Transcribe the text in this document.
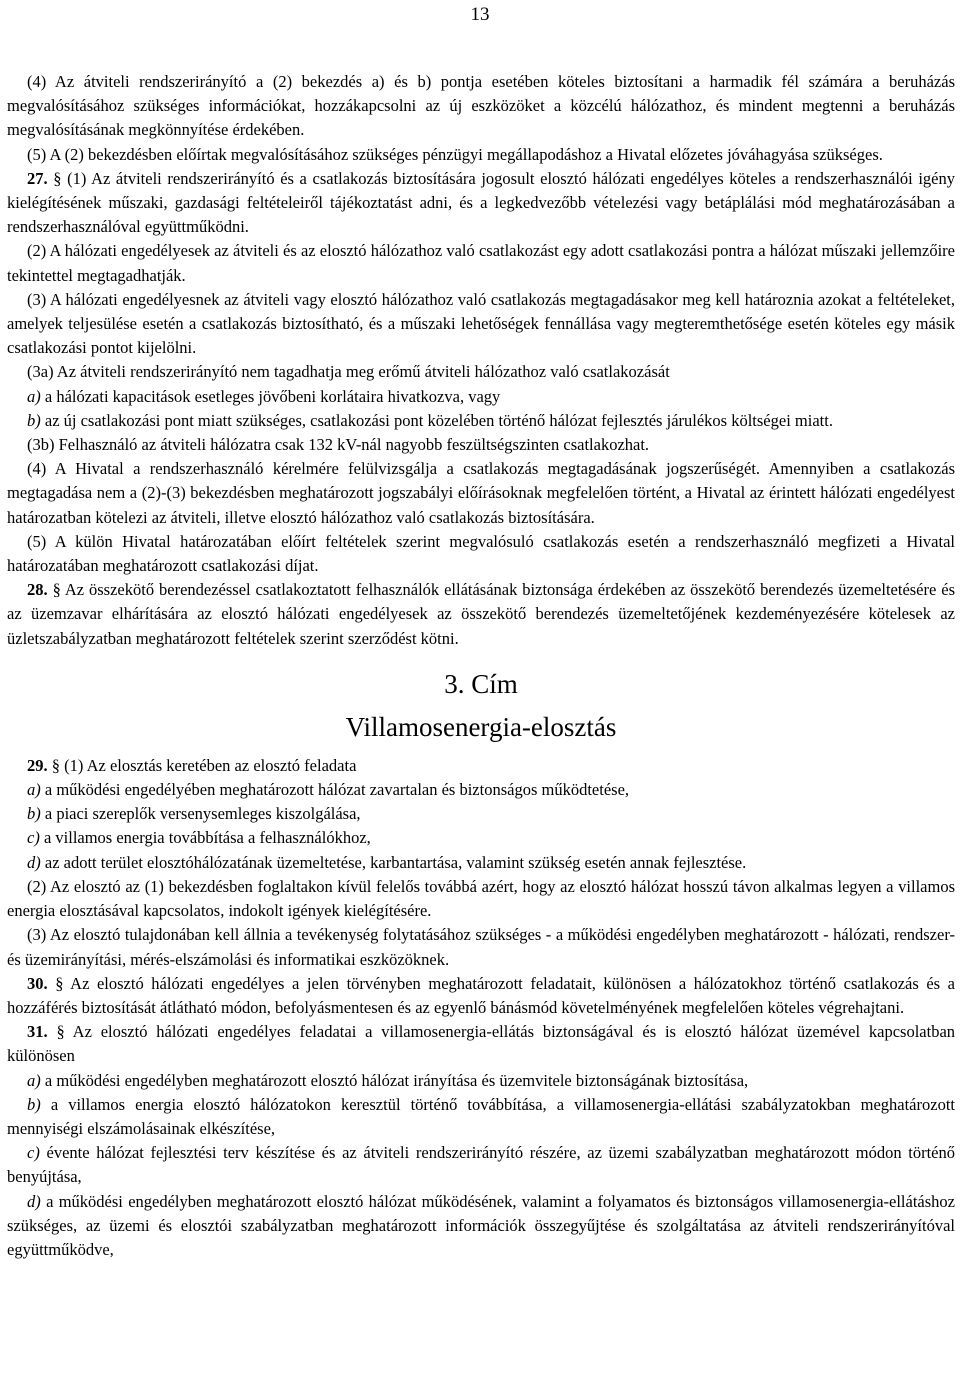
13

(4) Az átviteli rendszerirányító a (2) bekezdés a) és b) pontja esetében köteles biztosítani a harmadik fél számára a beruházás megvalósításához szükséges információkat, hozzákapcsolni az új eszközöket a közcélú hálózathoz, és mindent megtenni a beruházás megvalósításának megkönnyítése érdekében.

(5) A (2) bekezdésben előírtak megvalósításához szükséges pénzügyi megállapodáshoz a Hivatal előzetes jóváhagyása szükséges.

27. § (1) Az átviteli rendszerirányító és a csatlakozás biztosítására jogosult elosztó hálózati engedélyes köteles a rendszerhasználói igény kielégítésének műszaki, gazdasági feltételeiről tájékoztatást adni, és a legkedvezőbb vételezési vagy betáplálási mód meghatározásában a rendszerhasználóval együttműködni.

(2) A hálózati engedélyesek az átviteli és az elosztó hálózathoz való csatlakozást egy adott csatlakozási pontra a hálózat műszaki jellemzőire tekintettel megtagadhatják.

(3) A hálózati engedélyesnek az átviteli vagy elosztó hálózathoz való csatlakozás megtagadásakor meg kell határoznia azokat a feltételeket, amelyek teljesülése esetén a csatlakozás biztosítható, és a műszaki lehetőségek fennállása vagy megteremthetősége esetén köteles egy másik csatlakozási pontot kijelölni.

(3a) Az átviteli rendszerirányító nem tagadhatja meg erőmű átviteli hálózathoz való csatlakozását

a) a hálózati kapacitások esetleges jövőbeni korlátaira hivatkozva, vagy

b) az új csatlakozási pont miatt szükséges, csatlakozási pont közelében történő hálózat fejlesztés járulékos költségei miatt.

(3b) Felhasználó az átviteli hálózatra csak 132 kV-nál nagyobb feszültségszinten csatlakozhat.

(4) A Hivatal a rendszerhasználó kérelmére felülvizsgálja a csatlakozás megtagadásának jogszerűségét. Amennyiben a csatlakozás megtagadása nem a (2)-(3) bekezdésben meghatározott jogszabályi előírásoknak megfelelően történt, a Hivatal az érintett hálózati engedélyest határozatban kötelezi az átviteli, illetve elosztó hálózathoz való csatlakozás biztosítására.

(5) A külön Hivatal határozatában előírt feltételek szerint megvalósuló csatlakozás esetén a rendszerhasználó megfizeti a Hivatal határozatában meghatározott csatlakozási díjat.

28. § Az összekötő berendezéssel csatlakoztatott felhasználók ellátásának biztonsága érdekében az összekötő berendezés üzemeltetésére és az üzemzavar elhárítására az elosztó hálózati engedélyesek az összekötő berendezés üzemeltetőjének kezdeményezésére kötelesek az üzletszabályzatban meghatározott feltételek szerint szerződést kötni.

3. Cím
Villamosenergia-elosztás

29. § (1) Az elosztás keretében az elosztó feladata

a) a működési engedélyében meghatározott hálózat zavartalan és biztonságos működtetése,

b) a piaci szereplők versenysemleges kiszolgálása,

c) a villamos energia továbbítása a felhasználókhoz,

d) az adott terület elosztóhálózatának üzemeltetése, karbantartása, valamint szükség esetén annak fejlesztése.

(2) Az elosztó az (1) bekezdésben foglaltakon kívül felelős továbbá azért, hogy az elosztó hálózat hosszú távon alkalmas legyen a villamos energia elosztásával kapcsolatos, indokolt igények kielégítésére.

(3) Az elosztó tulajdonában kell állnia a tevékenység folytatásához szükséges - a működési engedélyben meghatározott - hálózati, rendszer- és üzemirányítási, mérés-elszámolási és informatikai eszközöknek.

30. § Az elosztó hálózati engedélyes a jelen törvényben meghatározott feladatait, különösen a hálózatokhoz történő csatlakozás és a hozzáférés biztosítását átlátható módon, befolyásmentesen és az egyenlő bánásmód követelményének megfelelően köteles végrehajtani.

31. § Az elosztó hálózati engedélyes feladatai a villamosenergia-ellátás biztonságával és is elosztó hálózat üzemével kapcsolatban különösen

a) a működési engedélyben meghatározott elosztó hálózat irányítása és üzemvitele biztonságának biztosítása,

b) a villamos energia elosztó hálózatokon keresztül történő továbbítása, a villamosenergia-ellátási szabályzatokban meghatározott mennyiségi elszámolásainak elkészítése,

c) évente hálózat fejlesztési terv készítése és az átviteli rendszerirányító részére, az üzemi szabályzatban meghatározott módon történő benyújtása,

d) a működési engedélyben meghatározott elosztó hálózat működésének, valamint a folyamatos és biztonságos villamosenergia-ellátáshoz szükséges, az üzemi és elosztói szabályzatban meghatározott információk összegyűjtése és szolgáltatása az átviteli rendszerirányítóval együttműködve,
